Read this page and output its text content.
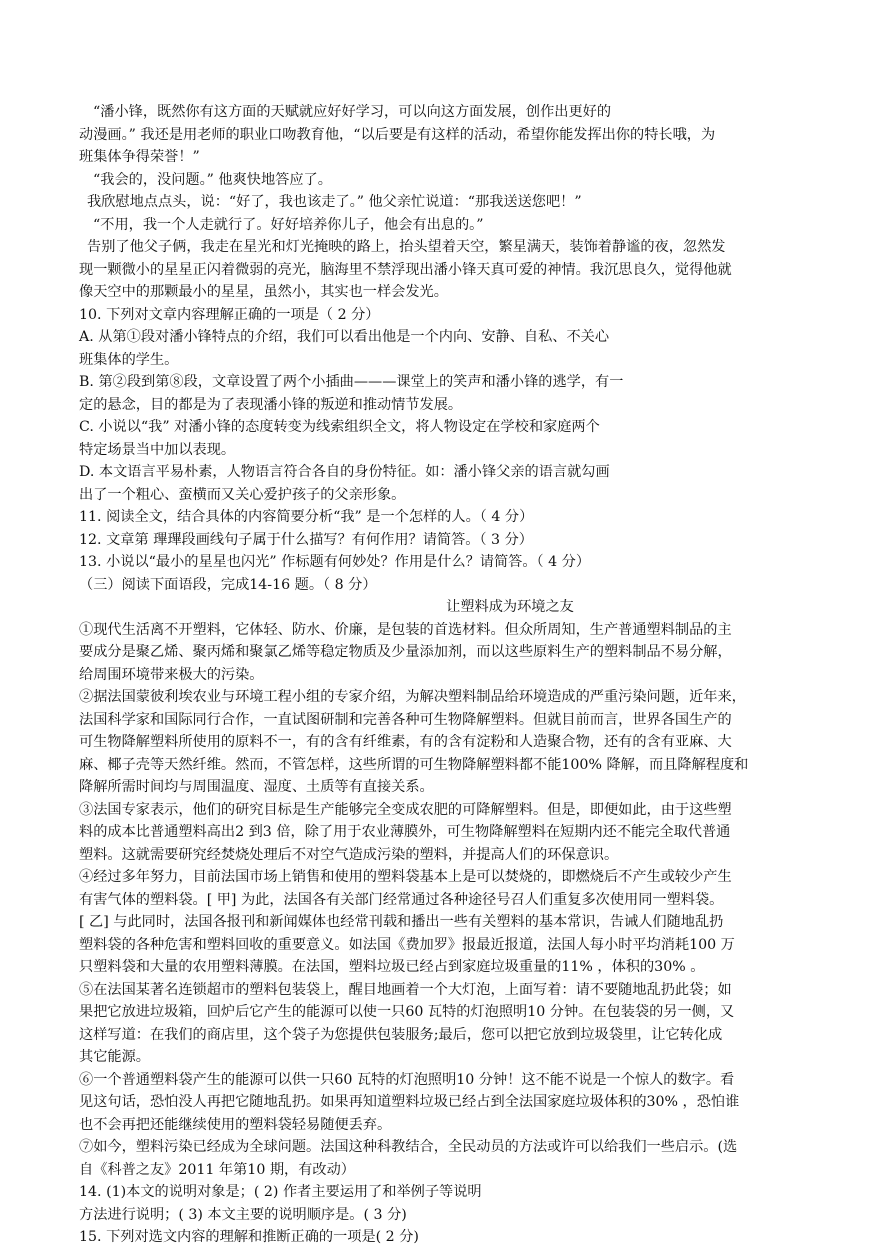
“潘小锋，既然你有这方面的天赋就应好好学习，可以向这方面发展，创作出更好的
动漫画。” 我还是用老师的职业口吻教育他，“以后要是有这样的活动，希望你能发挥出你的特长哦，为
班集体争得荣誉！”
“我会的，没问题。” 他爽快地答应了。
我欣慰地点点头，说：“好了，我也该走了。” 他父亲忙说道：“那我送送您吧！”
“不用，我一个人走就行了。好好培养你儿子，他会有出息的。”
告别了他父子俩，我走在星光和灯光掩映的路上，抬头望着天空，繁星满天，装饰着静谧的夜，忽然发
现一颗微小的星星正闪着微弱的亮光，脑海里不禁浮现出潘小锋天真可爱的神情。我沉思良久，觉得他就
像天空中的那颗最小的星星，虽然小，其实也一样会发光。
10. 下列对文章内容理解正确的一项是（ 2 分）
A. 从第①段对潘小锋特点的介绍，我们可以看出他是一个内向、安静、自私、不关心
班集体的学生。
B. 第②段到第⑧段，文章设置了两个小插曲———课堂上的笑声和潘小锋的逃学，有一
定的悬念，目的都是为了表现潘小锋的叛逆和推动情节发展。
C. 小说以“我” 对潘小锋的态度转变为线索组织全文，将人物设定在学校和家庭两个
特定场景当中加以表现。
D. 本文语言平易朴素，人物语言符合各自的身份特征。如：潘小锋父亲的语言就勾画
出了一个粗心、蛮横而又关心爱护孩子的父亲形象。
11. 阅读全文，结合具体的内容简要分析“我” 是一个怎样的人。（ 4 分）
12. 文章第 㻫㻫段画线句子属于什么描写？有何作用？请简答。（ 3 分）
13. 小说以“最小的星星也闪光” 作标题有何妙处？作用是什么？请简答。（ 4 分）
（三）阅读下面语段，完成14-16 题。（ 8 分）
让塑料成为环境之友
①现代生活离不开塑料，它体轻、防水、价廉，是包装的首选材料。但众所周知，生产普通塑料制品的主
要成分是聚乙烯、聚丙烯和聚氯乙烯等稳定物质及少量添加剂，而以这些原料生产的塑料制品不易分解，
给周围环境带来极大的污染。
②据法国蒙彼利埃农业与环境工程小组的专家介绍，为解决塑料制品给环境造成的严重污染问题，近年来，
法国科学家和国际同行合作，一直试图研制和完善各种可生物降解塑料。但就目前而言，世界各国生产的
可生物降解塑料所使用的原料不一，有的含有纤维素，有的含有淀粉和人造聚合物，还有的含有亚麻、大
麻、椰子壳等天然纤维。然而，不管怎样，这些所谓的可生物降解塑料都不能100% 降解，而且降解程度和
降解所需时间均与周围温度、湿度、土质等有直接关系。
③法国专家表示，他们的研究目标是生产能够完全变成农肥的可降解塑料。但是，即便如此，由于这些塑
料的成本比普通塑料高出2 到3 倍，除了用于农业薄膜外，可生物降解塑料在短期内还不能完全取代普通
塑料。这就需要研究经焚烧处理后不对空气造成污染的塑料，并提高人们的环保意识。
④经过多年努力，目前法国市场上销售和使用的塑料袋基本上是可以焚烧的，即燃烧后不产生或较少产生
有害气体的塑料袋。[ 甲] 为此，法国各有关部门经常通过各种途径号召人们重复多次使用同一塑料袋。
[ 乙] 与此同时，法国各报刊和新闻媒体也经常刊载和播出一些有关塑料的基本常识，告诫人们随地乱扔
塑料袋的各种危害和塑料回收的重要意义。如法国《费加罗》报最近报道，法国人每小时平均消耗100 万
只塑料袋和大量的农用塑料薄膜。在法国，塑料垃圾已经占到家庭垃圾重量的11% ，体积的30% 。
⑤在法国某著名连锁超市的塑料包装袋上，醒目地画着一个大灯泡，上面写着：请不要随地乱扔此袋；如
果把它放进垃圾箱，回炉后它产生的能源可以使一只60 瓦特的灯泡照明10 分钟。在包装袋的另一侧，又
这样写道：在我们的商店里，这个袋子为您提供包装服务;最后，您可以把它放到垃圾袋里，让它转化成
其它能源。
⑥一个普通塑料袋产生的能源可以供一只60 瓦特的灯泡照明10 分钟！这不能不说是一个惊人的数字。看
见这句话，恐怕没人再把它随地乱扔。如果再知道塑料垃圾已经占到全法国家庭垃圾体积的30% ，恐怕谁
也不会再把还能继续使用的塑料袋轻易随便丢弃。
⑦如今，塑料污染已经成为全球问题。法国这种科教结合，全民动员的方法或许可以给我们一些启示。(选
自《科普之友》2011 年第10 期，有改动）
14. (1)本文的说明对象是；( 2) 作者主要运用了和举例子等说明
方法进行说明；( 3) 本文主要的说明顺序是。( 3 分)
15. 下列对选文内容的理解和推断正确的一项是( 2 分)
